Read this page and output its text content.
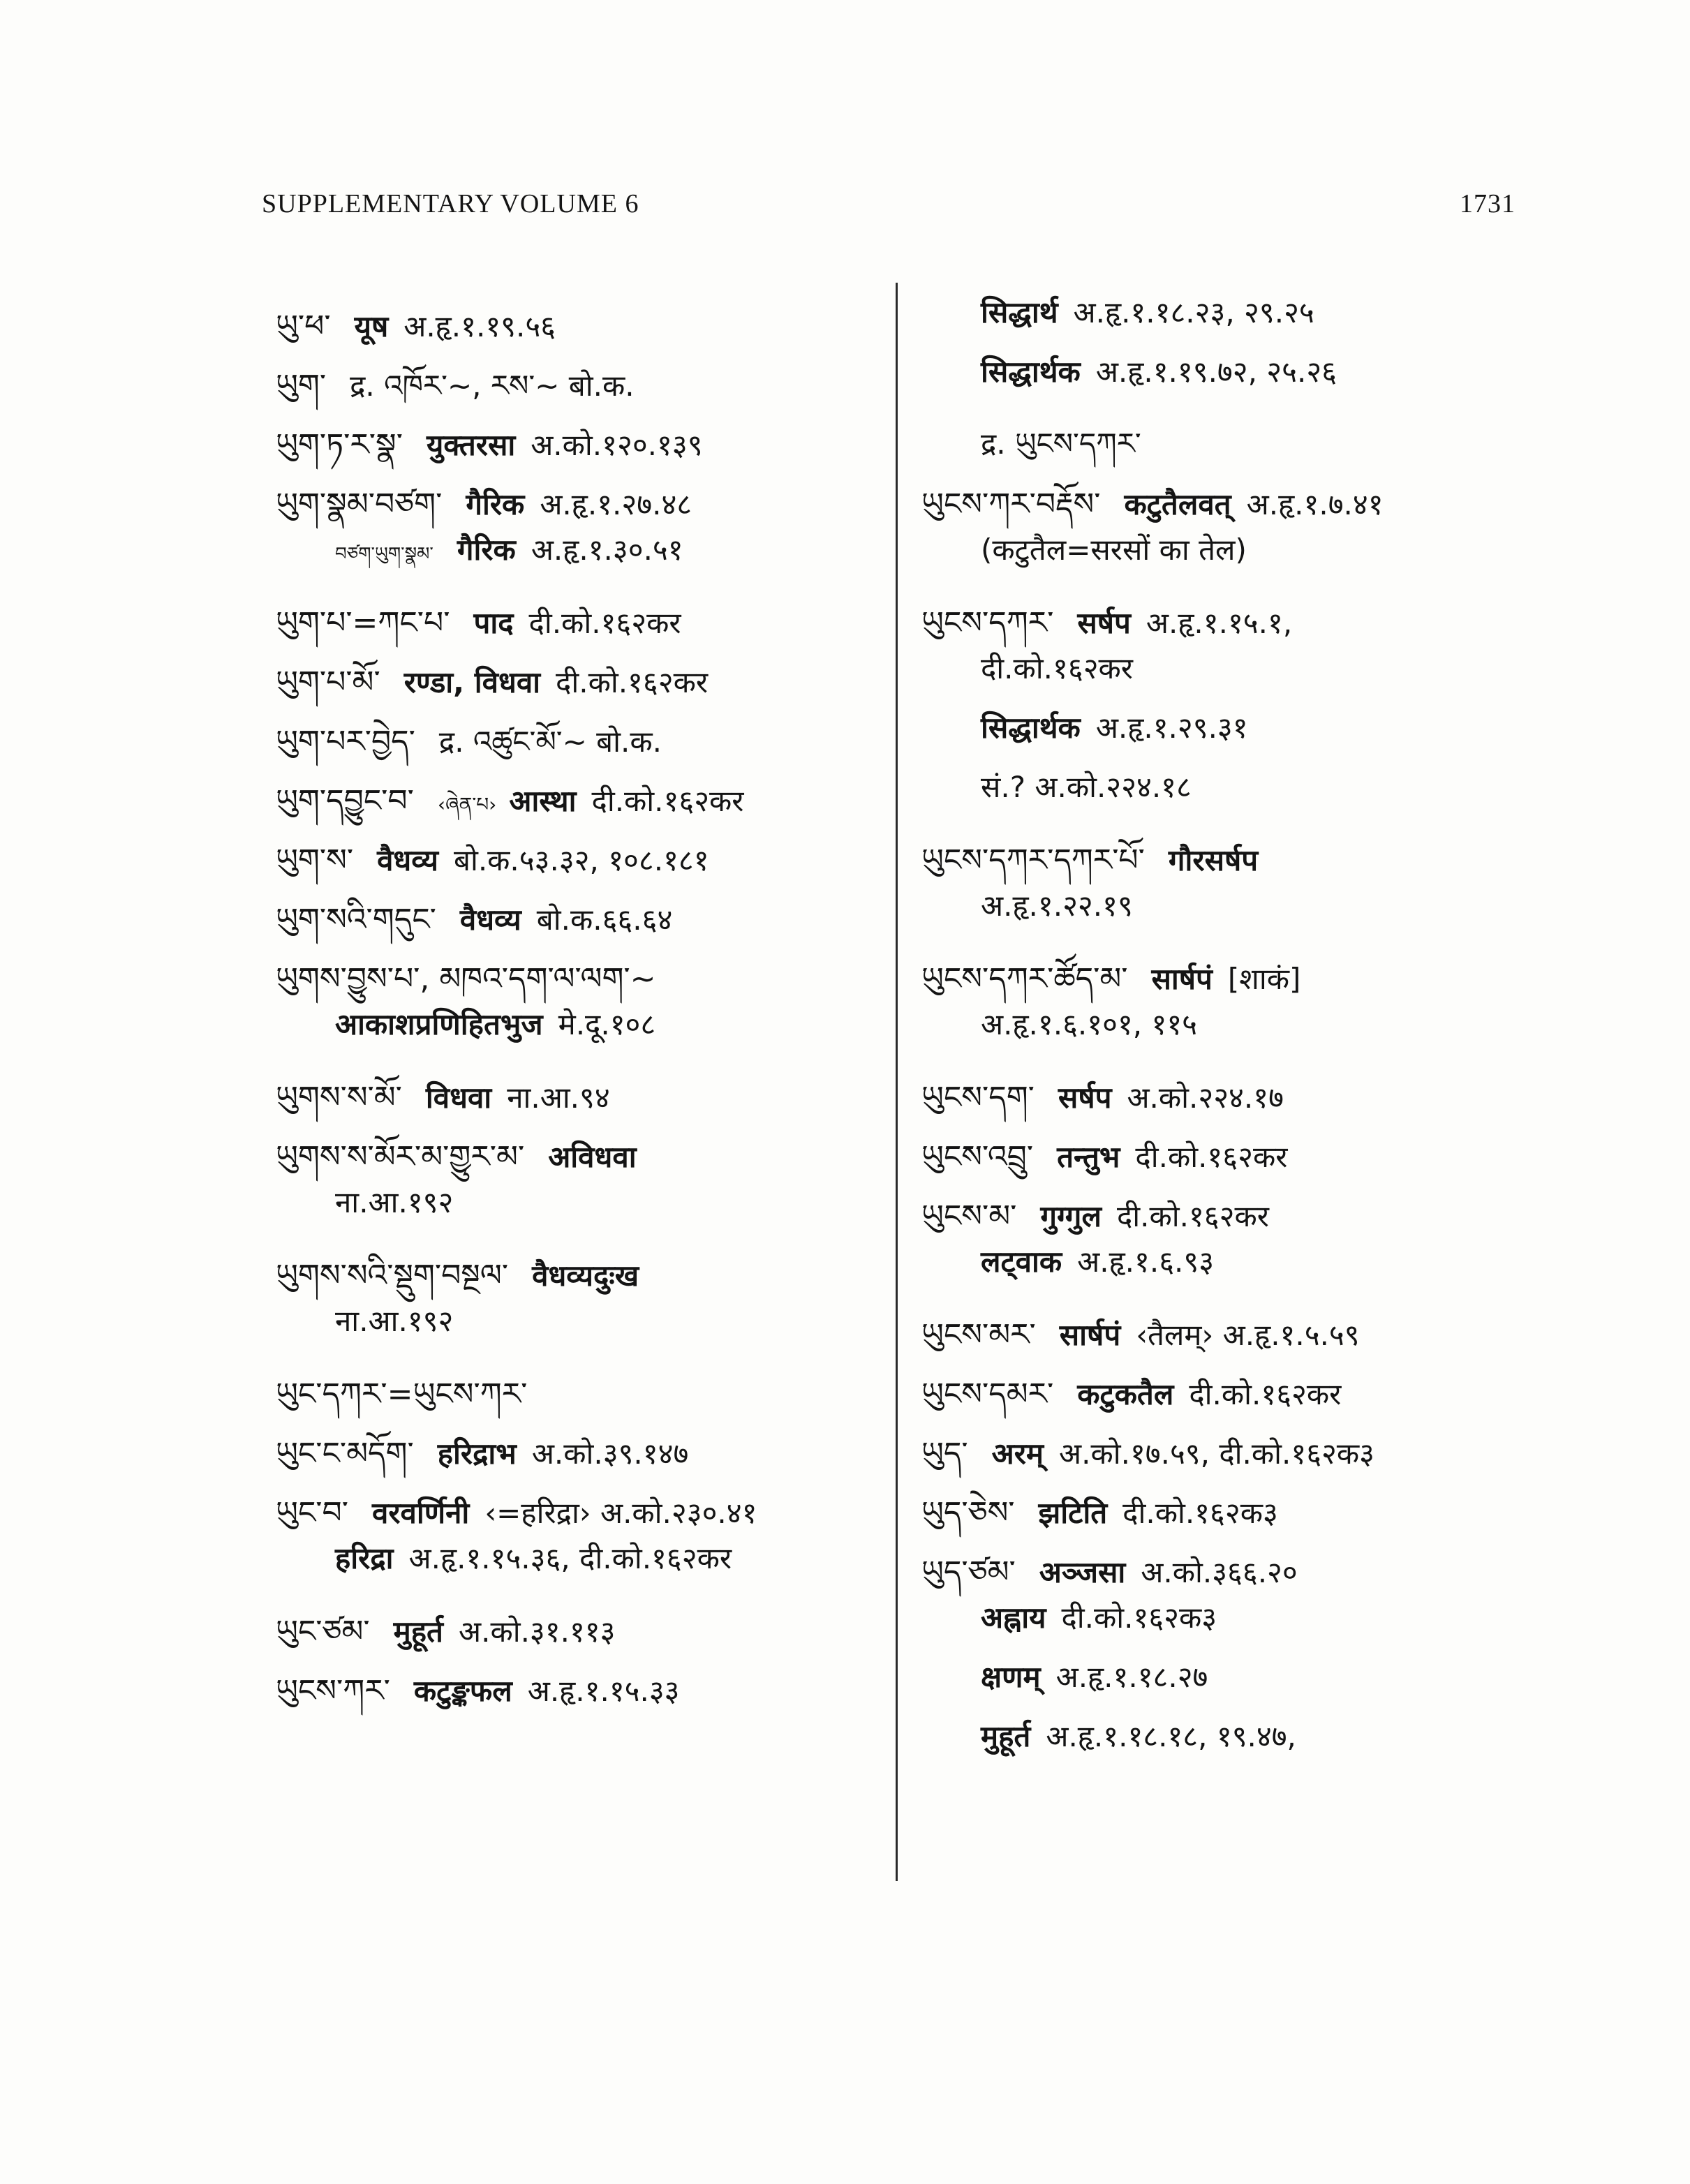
SUPPLEMENTARY VOLUME 6	1731
ཡུ་ཕ་ यूष अ.हृ.१.१९.५६
ཡུག་ द्र. འཁོར་~, རས་~ बो.क.
ཡུག་ཏ་ར་སྣ་ युक्तरसा अ.को.१२०.१३९
ཡུག་སྣམ་བཙག་ गैरिक अ.हृ.१.२७.४८
བཙག་ཡུག་སྣམ་ गैरिक अ.हृ.१.३०.५१
ཡུག་པ་=ཀང་པ་ पाद दी.को.१६२कर
ཡུག་པ་མོ་ रण्डा, विधवा दी.को.१६२कर
ཡུག་པར་བྱེད་ द्र. འཚུང་མོ་~ बो.क.
ཡུག་དབྱུང་བ་ ‹ཞེན་པ› आस्था दी.को.१६२कर
ཡུག་ས་ वैधव्य बो.क.५३.३२, १०८.१८१
ཡུག་སའི་གདུང་ वैधव्य बो.क.६६.६४
ཡུགས་བྱུས་པ་, མཁའ་དག་ལ་ལག་~
आकाशप्रणिहितभुज मे.दू.१०८
ཡུགས་ས་མོ་ विधवा ना.आ.९४
ཡུགས་ས་མོར་མ་གྱུར་མ་ अविधवा
ना.आ.१९२
ཡུགས་སའི་སྡུག་བསྔལ་ वैधव्यदुःख
ना.आ.१९२
ཡུང་དཀར་=ཡུངས་ཀར་
ཡུང་ང་མདོག་ हरिद्राभ अ.को.३९.१४७
ཡུང་བ་ वरवर्णिनी ‹=हरिद्रा› अ.को.२३०.४१
हरिद्रा अ.हृ.१.१५.३६, दी.को.१६२कर
ཡུང་ཙམ་ मुहूर्त अ.को.३१.११३
ཡུངས་ཀར་ कटुङ्कफल अ.हृ.१.१५.३३
सिद्धार्थ अ.हृ.१.१८.२३, २९.२५
सिद्धार्थक अ.हृ.१.१९.७२, २५.२६
द्र. ཡུངས་དཀར་
ཡུངས་ཀར་བརྡོས་ कटुतैलवत् अ.हृ.१.७.४१
(कटुतैल=सरसों का तेल)
ཡུངས་དཀར་ सर्षप अ.हृ.१.१५.१,
दी.को.१६२कर
सिद्धार्थक अ.हृ.१.२९.३१
सं.? अ.को.२२४.१८
ཡུངས་དཀར་དཀར་པོ་ गौरसर्षप
अ.हृ.१.२२.१९
ཡུངས་དཀར་ཚོད་མ་ सार्षपं [शाकं]
अ.हृ.१.६.१०१, ११५
ཡུངས་དག་ सर्षप अ.को.२२४.१७
ཡུངས་འབྲུ་ तन्तुभ दी.को.१६२कर
ཡུངས་མ་ गुग्गुल दी.को.१६२कर
लट्वाक अ.हृ.१.६.९३
ཡུངས་མར་ सार्षपं ‹तैलम्› अ.हृ.१.५.५९
ཡུངས་དམར་ कटुकतैल दी.को.१६२कर
ཡུད་ अरम् अ.को.१७.५९, दी.को.१६२क३
ཡུད་ཅེས་ झटिति दी.को.१६२क३
ཡུད་ཙམ་ अञ्जसा अ.को.३६६.२०
अह्नाय दी.को.१६२क३
क्षणम् अ.हृ.१.१८.२७
मुहूर्त अ.हृ.१.१८.१८, १९.४७,
